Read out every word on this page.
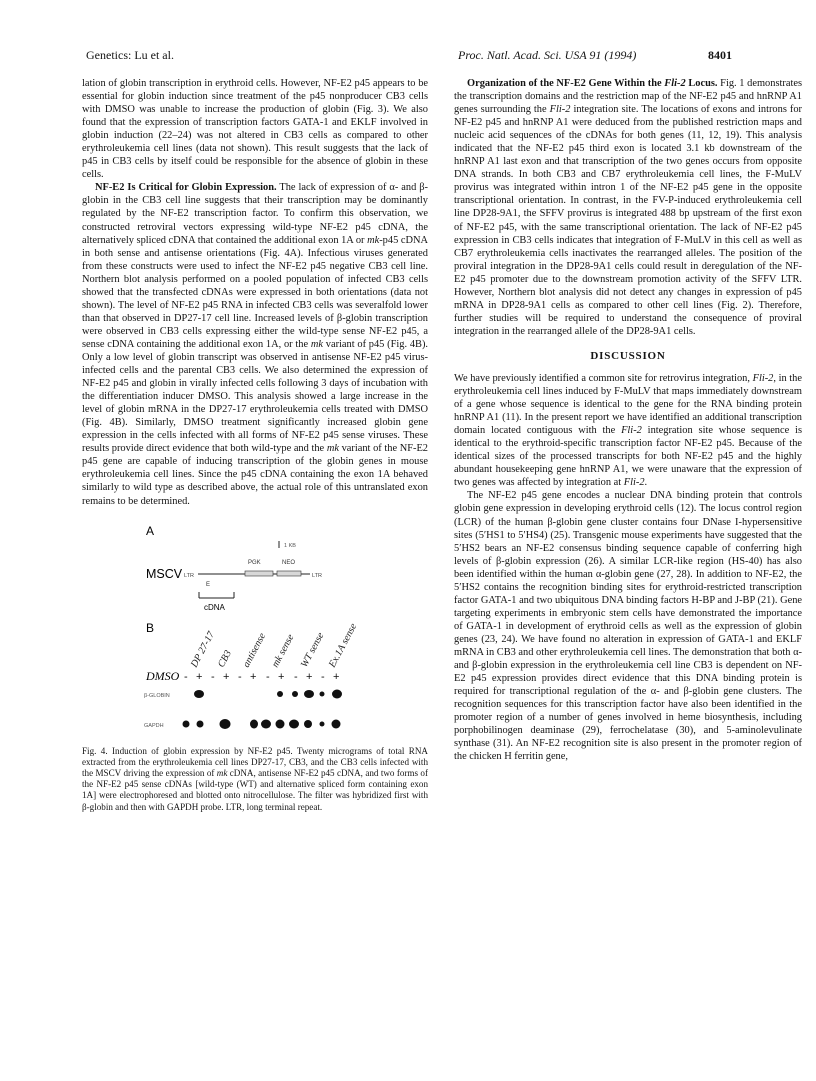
Genetics: Lu et al.	Proc. Natl. Acad. Sci. USA 91 (1994)	8401

lation of globin transcription in erythroid cells. However, NF-E2 p45 appears to be essential for globin induction since treatment of the p45 nonproducer CB3 cells with DMSO was unable to increase the production of globin (Fig. 3). We also found that the expression of transcription factors GATA-1 and EKLF involved in globin induction (22–24) was not altered in CB3 cells as compared to other erythroleukemia cell lines (data not shown). This result suggests that the lack of p45 in CB3 cells by itself could be responsible for the absence of globin in these cells.

NF-E2 Is Critical for Globin Expression. The lack of expression of α- and β-globin in the CB3 cell line suggests that their transcription may be dominantly regulated by the NF-E2 transcription factor. To confirm this observation, we constructed retroviral vectors expressing wild-type NF-E2 p45 cDNA, the alternatively spliced cDNA that contained the additional exon 1A or mk-p45 cDNA in both sense and antisense orientations (Fig. 4A). Infectious viruses generated from these constructs were used to infect the NF-E2 p45 negative CB3 cell line. Northern blot analysis performed on a pooled population of infected CB3 cells showed that the transfected cDNAs were expressed in both orientations (data not shown). The level of NF-E2 p45 RNA in infected CB3 cells was severalfold lower than that observed in DP27-17 cell line. Increased levels of β-globin transcription were observed in CB3 cells expressing either the wild-type sense NF-E2 p45, a sense cDNA containing the additional exon 1A, or the mk variant of p45 (Fig. 4B). Only a low level of globin transcript was observed in antisense NF-E2 p45 virus-infected cells and the parental CB3 cells. We also determined the expression of NF-E2 p45 and globin in virally infected cells following 3 days of incubation with the differentiation inducer DMSO. This analysis showed a large increase in the level of globin mRNA in the DP27-17 erythroleukemia cells treated with DMSO (Fig. 4B). Similarly, DMSO treatment significantly increased globin gene expression in the cells infected with all forms of NF-E2 p45 sense viruses. These results provide direct evidence that both wild-type and the mk variant of the NF-E2 p45 gene are capable of inducing transcription of the globin genes in mouse erythroleukemia cell lines. Since the p45 cDNA containing the exon 1A behaved similarly to wild type as described above, the actual role of this untranslated exon remains to be determined.

A
1 KB
PGK	NEO
MSCV LTR	LTR
E
cDNA
B
DP 27-17
CB3 antisense mk sense WT sense Ex.1A sense
DMSO - + - + - + - + - + - +
β-GLOBIN
GAPDH
Fig. 4. Induction of globin expression by NF-E2 p45. Twenty micrograms of total RNA extracted from the erythroleukemia cell lines DP27-17, CB3, and the CB3 cells infected with the MSCV driving the expression of mk cDNA, antisense NF-E2 p45 cDNA, and two forms of the NF-E2 p45 sense cDNAs [wild-type (WT) and alternative spliced form containing exon 1A] were electrophoresed and blotted onto nitrocellulose. The filter was hybridized first with β-globin and then with GAPDH probe. LTR, long terminal repeat.

Organization of the NF-E2 Gene Within the Fli-2 Locus. Fig. 1 demonstrates the transcription domains and the restriction map of the NF-E2 p45 and hnRNP A1 genes surrounding the Fli-2 integration site. The locations of exons and introns for NF-E2 p45 and hnRNP A1 were deduced from the published restriction maps and nucleic acid sequences of the cDNAs for both genes (11, 12, 19). This analysis indicated that the NF-E2 p45 third exon is located 3.1 kb downstream of the hnRNP A1 last exon and that transcription of the two genes occurs from opposite DNA strands. In both CB3 and CB7 erythroleukemia cell lines, the F-MuLV provirus was integrated within intron 1 of the NF-E2 p45 gene in the opposite transcriptional orientation. In contrast, in the FV-P-induced erythroleukemia cell line DP28-9A1, the SFFV provirus is integrated 488 bp upstream of the first exon of NF-E2 p45, with the same transcriptional orientation. The lack of NF-E2 p45 expression in CB3 cells indicates that integration of F-MuLV in this cell as well as CB7 erythroleukemia cells inactivates the rearranged alleles. The position of the proviral integration in the DP28-9A1 cells could result in deregulation of the NF-E2 p45 promoter due to the downstream promotion activity of the SFFV LTR. However, Northern blot analysis did not detect any changes in expression of p45 mRNA in DP28-9A1 cells as compared to other cell lines (Fig. 2). Therefore, further studies will be required to understand the consequence of proviral integration in the rearranged allele of the DP28-9A1 cells.

DISCUSSION

We have previously identified a common site for retrovirus integration, Fli-2, in the erythroleukemia cell lines induced by F-MuLV that maps immediately downstream of a gene whose sequence is identical to the gene for the RNA binding protein hnRNP A1 (11). In the present report we have identified an additional transcription domain located contiguous with the Fli-2 integration site whose sequence is identical to the erythroid-specific transcription factor NF-E2 p45. Because of the identical sizes of the processed transcripts for both NF-E2 p45 and the highly abundant housekeeping gene hnRNP A1, we were unaware that the expression of two genes was affected by integration at Fli-2.

The NF-E2 p45 gene encodes a nuclear DNA binding protein that controls globin gene expression in developing erythroid cells (12). The locus control region (LCR) of the human β-globin gene cluster contains four DNase I-hypersensitive sites (5′HS1 to 5′HS4) (25). Transgenic mouse experiments have suggested that the 5′HS2 bears an NF-E2 consensus binding sequence capable of conferring high levels of β-globin expression (26). A similar LCR-like region (HS-40) has also been identified within the human α-globin gene (27, 28). In addition to NF-E2, the 5′HS2 contains the recognition binding sites for erythroid-restricted transcription factor GATA-1 and two ubiquitous DNA binding factors H-BP and J-BP (21). Gene targeting experiments in embryonic stem cells have demonstrated the importance of GATA-1 in development of erythroid cells as well as the expression of globin genes (23, 24). We have found no alteration in expression of GATA-1 and EKLF mRNA in CB3 and other erythroleukemia cell lines. The demonstration that both α- and β-globin expression in the erythroleukemia cell line CB3 is dependent on NF-E2 p45 expression provides direct evidence that this DNA binding protein is required for transcriptional regulation of the α- and β-globin gene clusters. The recognition sequences for this transcription factor have also been identified in the promoter region of a number of genes involved in heme biosynthesis, including porphobilinogen deaminase (29), ferrochelatase (30), and 5-aminolevulinate synthase (31). An NF-E2 recognition site is also present in the promoter region of the chicken H ferritin gene,
